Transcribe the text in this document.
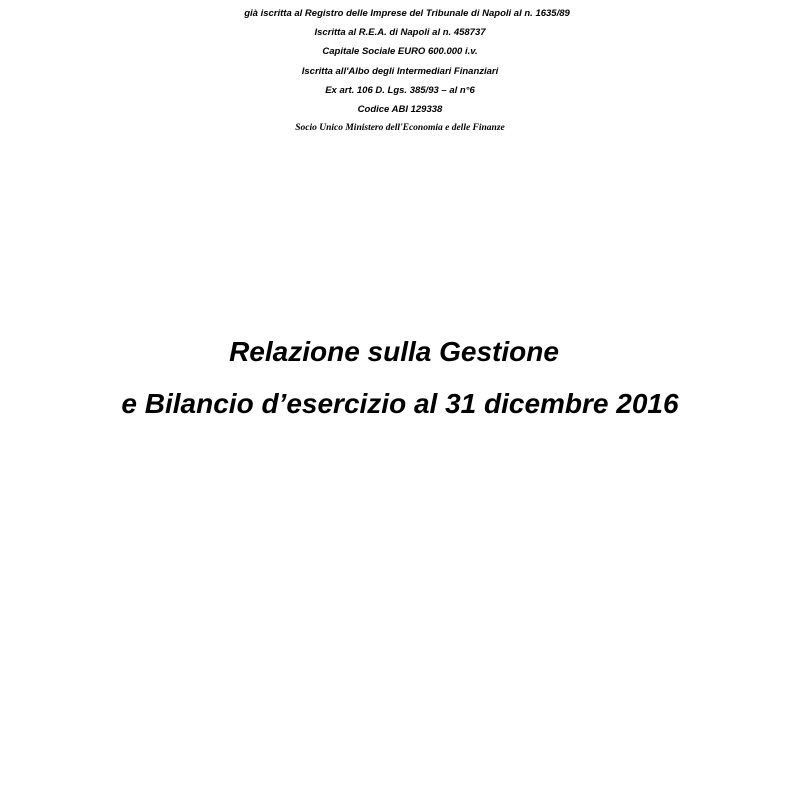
già iscritta al Registro delle Imprese del Tribunale di Napoli al n. 1635/89
Iscritta al R.E.A. di Napoli al n. 458737
Capitale Sociale EURO 600.000 i.v.
Iscritta all'Albo degli Intermediari Finanziari
Ex art. 106 D. Lgs. 385/93 – al n°6
Codice ABI 129338
Socio Unico Ministero dell'Economia e delle Finanze
Relazione sulla Gestione
e Bilancio d’esercizio al 31 dicembre 2016
